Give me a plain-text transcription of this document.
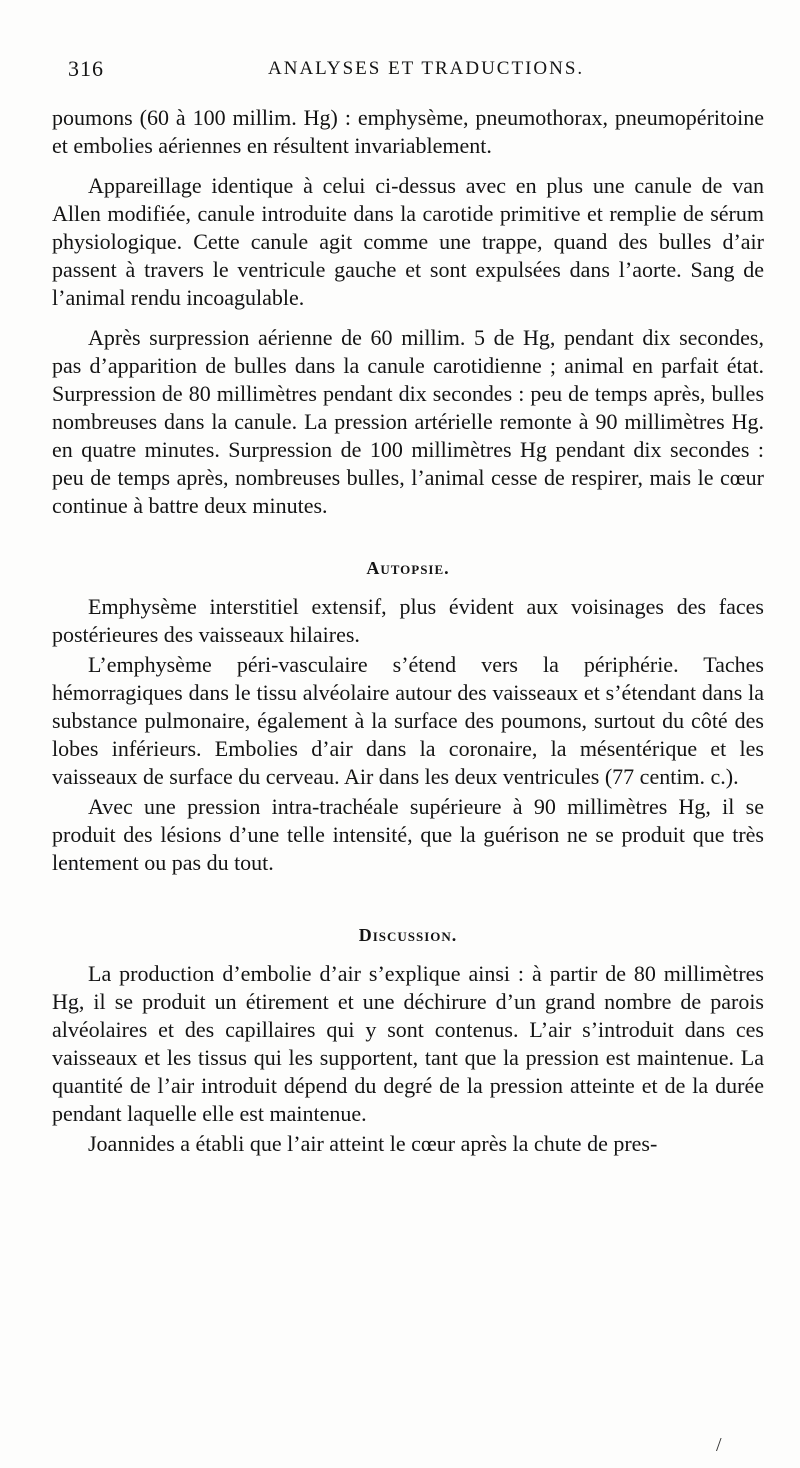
316	ANALYSES ET TRADUCTIONS.

poumons (60 à 100 millim. Hg) : emphysème, pneumothorax, pneumopéritoine et embolies aériennes en résultent invariablement.

Appareillage identique à celui ci-dessus avec en plus une canule de van Allen modifiée, canule introduite dans la carotide primitive et remplie de sérum physiologique. Cette canule agit comme une trappe, quand des bulles d’air passent à travers le ventricule gauche et sont expulsées dans l’aorte. Sang de l’animal rendu incoagulable.

Après surpression aérienne de 60 millim. 5 de Hg, pendant dix secondes, pas d’apparition de bulles dans la canule carotidienne ; animal en parfait état. Surpression de 80 millimètres pendant dix secondes : peu de temps après, bulles nombreuses dans la canule. La pression artérielle remonte à 90 millimètres Hg. en quatre minutes. Surpression de 100 millimètres Hg pendant dix secondes : peu de temps après, nombreuses bulles, l’animal cesse de respirer, mais le cœur continue à battre deux minutes.

Autopsie.

Emphysème interstitiel extensif, plus évident aux voisinages des faces postérieures des vaisseaux hilaires.

L’emphysème péri-vasculaire s’étend vers la périphérie. Taches hémorragiques dans le tissu alvéolaire autour des vaisseaux et s’étendant dans la substance pulmonaire, également à la surface des poumons, surtout du côté des lobes inférieurs. Embolies d’air dans la coronaire, la mésentérique et les vaisseaux de surface du cerveau. Air dans les deux ventricules (77 centim. c.).

Avec une pression intra-trachéale supérieure à 90 millimètres Hg, il se produit des lésions d’une telle intensité, que la guérison ne se produit que très lentement ou pas du tout.

Discussion.

La production d’embolie d’air s’explique ainsi : à partir de 80 millimètres Hg, il se produit un étirement et une déchirure d’un grand nombre de parois alvéolaires et des capillaires qui y sont contenus. L’air s’introduit dans ces vaisseaux et les tissus qui les supportent, tant que la pression est maintenue. La quantité de l’air introduit dépend du degré de la pression atteinte et de la durée pendant laquelle elle est maintenue.

Joannides a établi que l’air atteint le cœur après la chute de pres-

/
